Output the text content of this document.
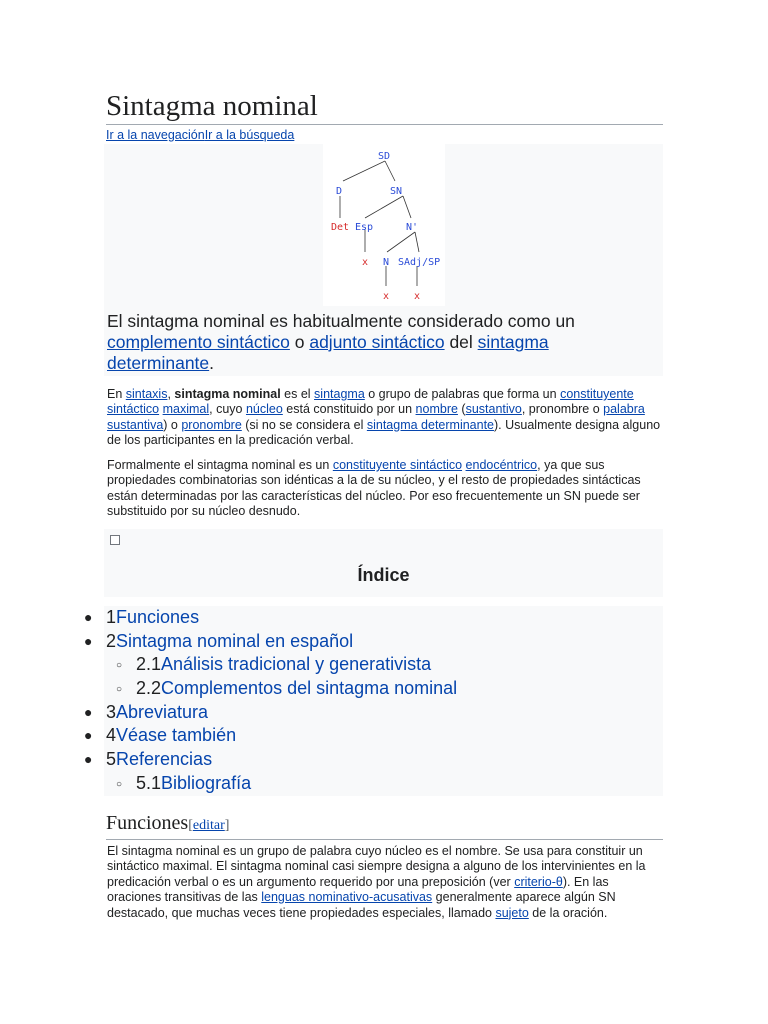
Sintagma nominal
Ir a la navegaciónIr a la búsqueda
SD
D	SN
Det Esp	N'
N SAdj/SP
x
x x
El sintagma nominal es habitualmente considerado como un complemento sintáctico o adjunto sintáctico del sintagma determinante.
En sintaxis, sintagma nominal es el sintagma o grupo de palabras que forma un constituyente sintáctico maximal, cuyo núcleo está constituido por un nombre (sustantivo, pronombre o palabra sustantiva) o pronombre (si no se considera el sintagma determinante). Usualmente designa alguno de los participantes en la predicación verbal.
Formalmente el sintagma nominal es un constituyente sintáctico endocéntrico, ya que sus propiedades combinatorias son idénticas a la de su núcleo, y el resto de propiedades sintácticas están determinadas por las características del núcleo. Por eso frecuentemente un SN puede ser substituido por su núcleo desnudo.
Índice
● 1Funciones
● 2Sintagma nominal en español
○ 2.1Análisis tradicional y generativista
○ 2.2Complementos del sintagma nominal
● 3Abreviatura
● 4Véase también
● 5Referencias
○ 5.1Bibliografía
Funciones[editar]
El sintagma nominal es un grupo de palabra cuyo núcleo es el nombre. Se usa para constituir un sintáctico maximal. El sintagma nominal casi siempre designa a alguno de los intervinientes en la predicación verbal o es un argumento requerido por una preposición (ver criterio-θ). En las oraciones transitivas de las lenguas nominativo-acusativas generalmente aparece algún SN destacado, que muchas veces tiene propiedades especiales, llamado sujeto de la oración.
